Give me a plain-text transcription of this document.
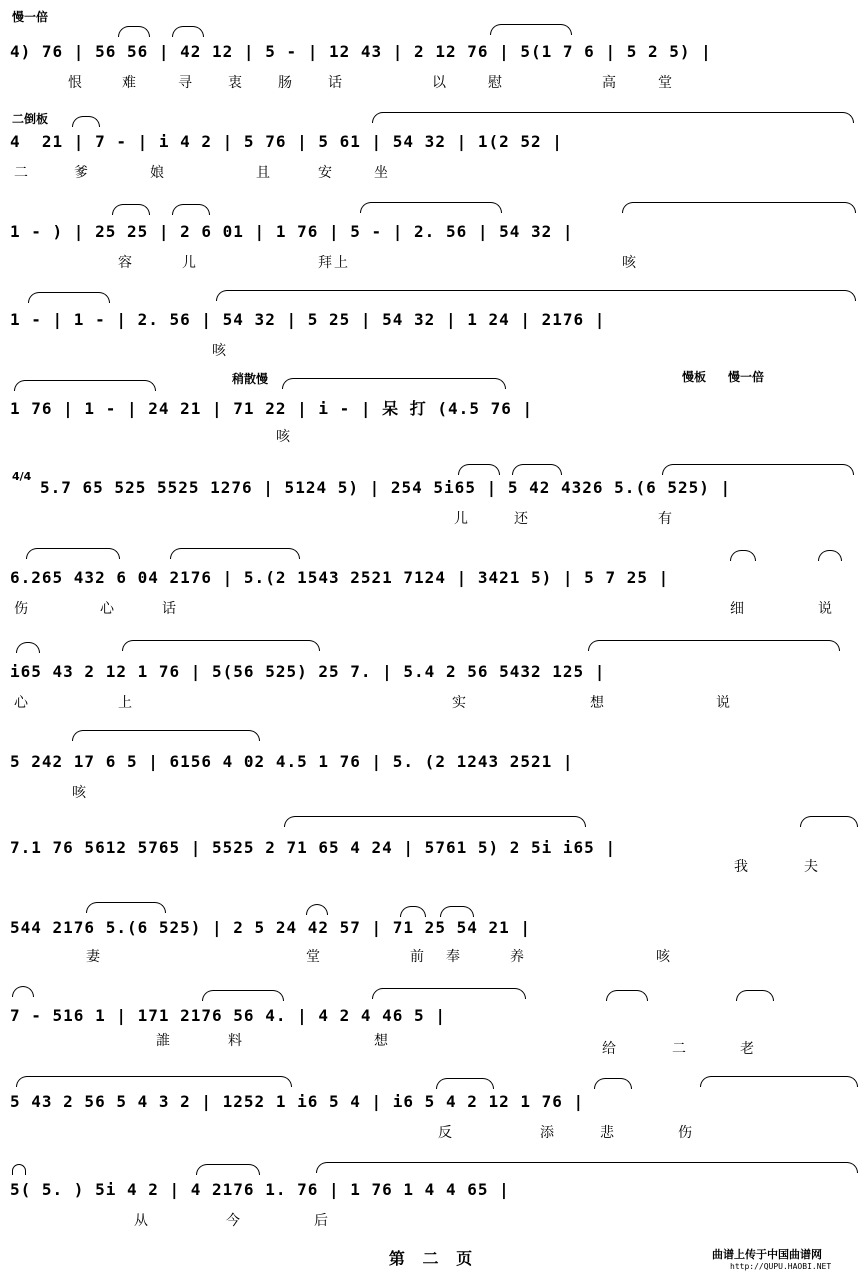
慢一倍
二倒板
稍散慢	慢板 慢一倍
4/4
4) 76 | 56 56 | 42 12 | 5 - | 12 43 | 2 12 76 | 5(1 7 6 | 5 2 5) |
恨	难	寻	衷	肠	话	以	慰	高	堂
4  21 | 7 - | i 4 2 | 5 76 | 5 61 | 54 32 | 1(2 52 |
二	爹	娘	且	安	坐
1 - ) | 25 25 | 2 6 01 | 1 76 | 5 - | 2. 56 | 54 32 |
容	儿	拜 上	咳
1 - | 1 - | 2. 56 | 54 32 | 5 25 | 54 32 | 1 24 | 2176 |
咳
1 76 | 1 - | 24 21 | 71 22 | i - | 呆 打 (4.5 76 |
咳
5.7 65 525 5525 1276 | 5124 5) | 254 5i65 | 5 42 4326 5.(6 525) |
儿	还	有
6.265 432 6 04 2176 | 5.(2 1543 2521 7124 | 3421 5) | 5 7 25 |
伤	心	话	细	说
i65 43 2 12 1 76 | 5(56 525) 25 7. | 5.4 2 56 5432 125 |
心	上	实	想	说
5 242 17 6 5 | 6156 4 02 4.5 1 76 | 5. (2 1243 2521 |
咳
7.1 76 5612 5765 | 5525 2 71 65 4 24 | 5761 5) 2 5i i65 |
我	夫
544 2176 5.(6 525) | 2 5 24 42 57 | 71 25 54 21 |
妻	堂	前 奉	养	咳
7 - 516 1 | 171 2176 56 4. | 4 2 4 46 5 |
誰	料	想	给	二	老
5 43 2 56 5 4 3 2 | 1252 1 i6 5 4 | i6 5 4 2 12 1 76 |
反	添	悲	伤
5( 5. ) 5i 4 2 | 4 2176 1. 76 | 1 76 1 4 4 65 |
从	今	后
第 二 页	曲谱上传于中国曲谱网
http://QUPU.HAOBI.NET
